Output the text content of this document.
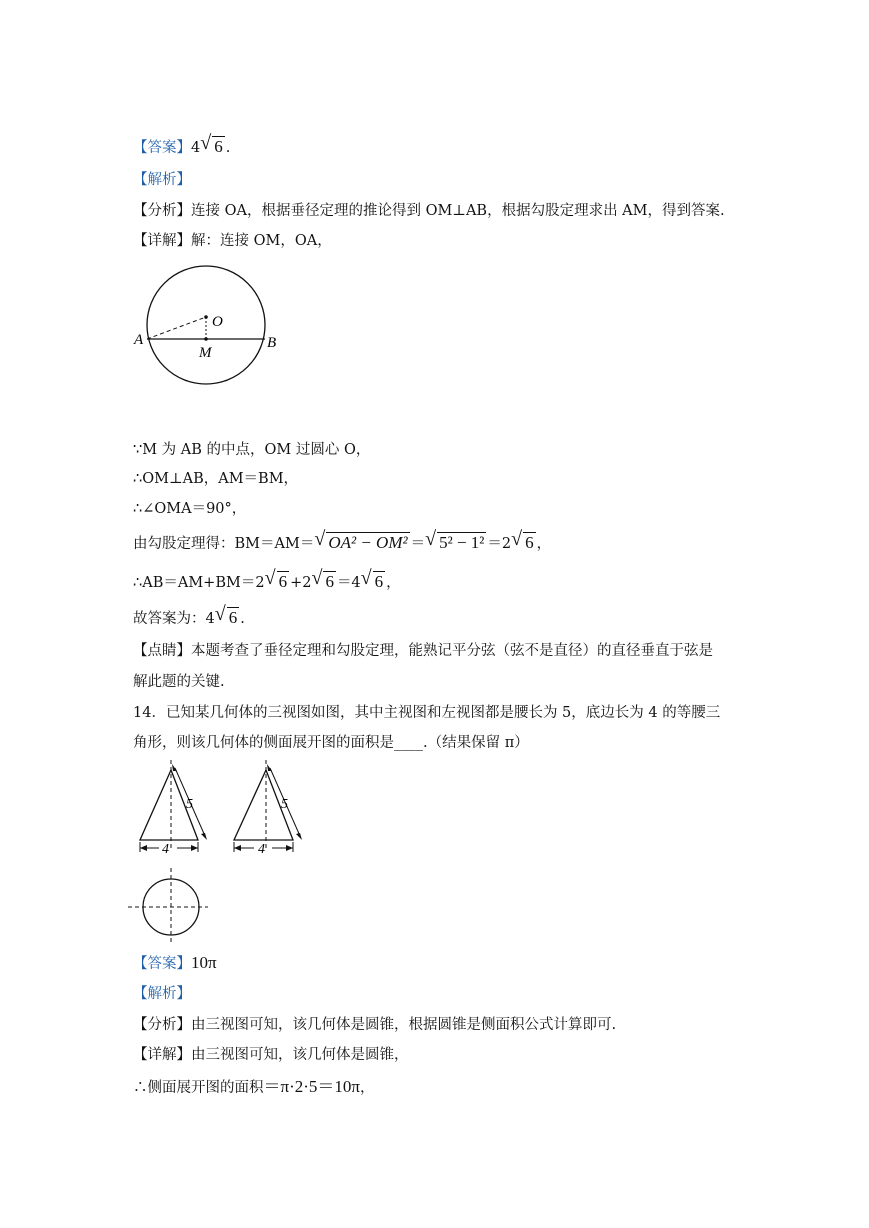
【答案】4 √ 6 .
【解析】
【分析】连接 OA，根据垂径定理的推论得到 OM⊥AB，根据勾股定理求出 AM，得到答案.
【详解】解：连接 OM，OA，
A	B
O
M
∵M 为 AB 的中点，OM 过圆心 O，
∴OM⊥AB，AM＝BM，
∴∠OMA＝90°，
由勾股定理得：BM＝AM＝ √ OA² − OM² ＝ √ 5² − 1² ＝2 √ 6 ，
∴AB＝AM+BM＝2 √ 6 +2 √ 6 ＝4 √ 6 ，
故答案为：4 √ 6 .
【点睛】本题考查了垂径定理和勾股定理，能熟记平分弦（弦不是直径）的直径垂直于弦是
解此题的关键.
14．已知某几何体的三视图如图，其中主视图和左视图都是腰长为 5，底边长为 4 的等腰三
角形，则该几何体的侧面展开图的面积是____.（结果保留 π）
5
4
5
4
【答案】10π
【解析】
【分析】由三视图可知，该几何体是圆锥，根据圆锥是侧面积公式计算即可.
【详解】由三视图可知，该几何体是圆锥，
∴侧面展开图的面积＝π·2·5＝10π，
